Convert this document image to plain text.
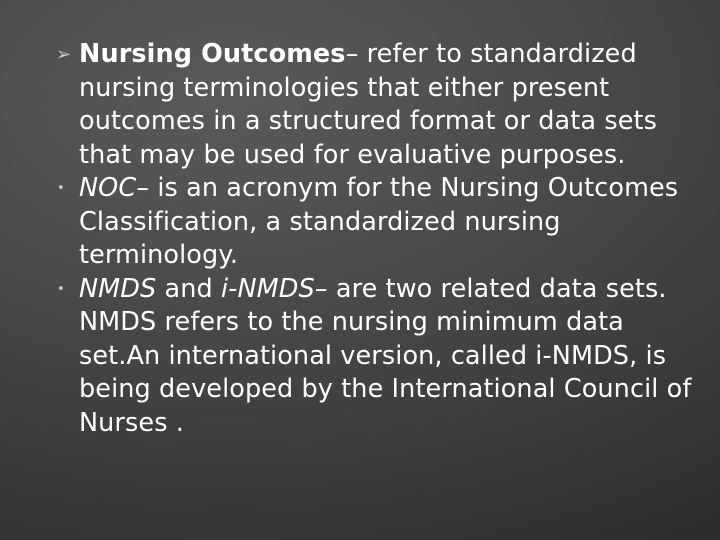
➢ Nursing Outcomes– refer to standardized nursing terminologies that either present outcomes in a structured format or data sets that may be used for evaluative purposes.
• NOC– is an acronym for the Nursing Outcomes Classification, a standardized nursing terminology.
• NMDS and i-NMDS– are two related data sets. NMDS refers to the nursing minimum data set.An international version, called i-NMDS, is being developed by the International Council of Nurses .
